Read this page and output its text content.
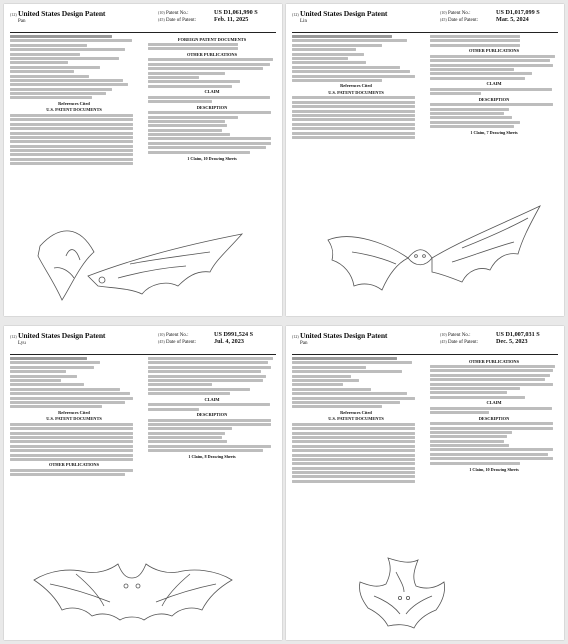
(12) United States Design Patent
Pan
(10) Patent No.:	US D1,061,990 S
(45) Date of Patent:	Feb. 11, 2025
References Cited
U.S. PATENT DOCUMENTS
FOREIGN PATENT DOCUMENTS
OTHER PUBLICATIONS
CLAIM
DESCRIPTION
1 Claim, 10 Drawing Sheets
(12) United States Design Patent
Lin
(10) Patent No.:	US D1,017,099 S
(45) Date of Patent:	Mar. 5, 2024
References Cited
U.S. PATENT DOCUMENTS
OTHER PUBLICATIONS
CLAIM
DESCRIPTION
1 Claim, 7 Drawing Sheets
(12) United States Design Patent
Lyu
(10) Patent No.:	US D991,524 S
(45) Date of Patent:	Jul. 4, 2023
References Cited
U.S. PATENT DOCUMENTS
OTHER PUBLICATIONS
CLAIM
DESCRIPTION
1 Claim, 8 Drawing Sheets
(12) United States Design Patent
Pan
(10) Patent No.:	US D1,007,031 S
(45) Date of Patent:	Dec. 5, 2023
References Cited
U.S. PATENT DOCUMENTS
OTHER PUBLICATIONS
CLAIM
DESCRIPTION
1 Claim, 10 Drawing Sheets
